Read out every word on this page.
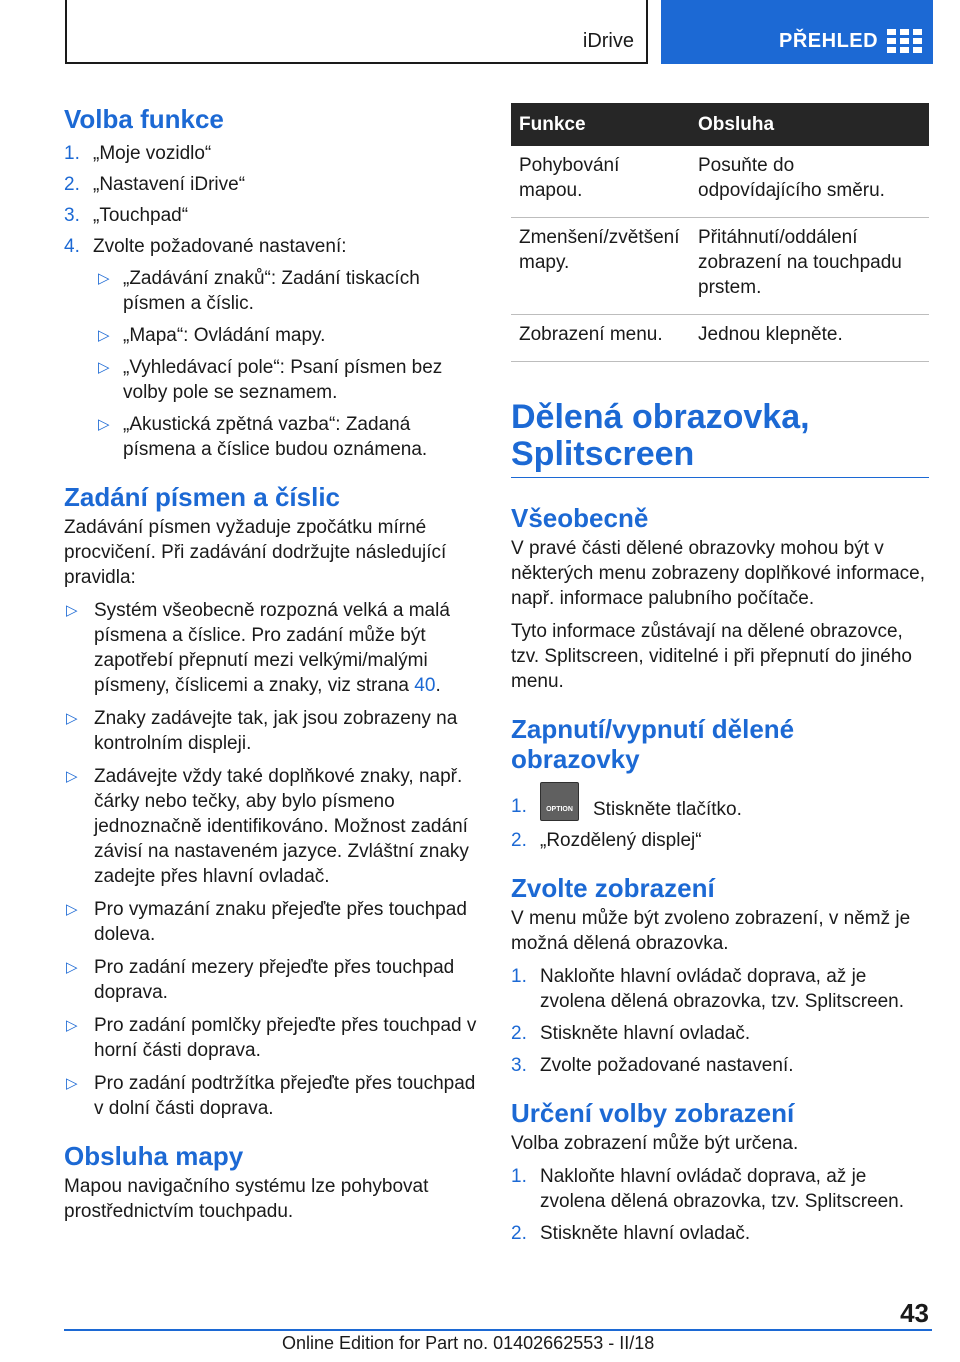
iDrive	PŘEHLED
Volba funkce
1. „Moje vozidlo“
2. „Nastavení iDrive“
3. „Touchpad“
4. Zvolte požadované nastavení:
▷ „Zadávání znaků“: Zadání tiskacích písmen a číslic.
▷ „Mapa“: Ovládání mapy.
▷ „Vyhledávací pole“: Psaní písmen bez volby pole se seznamem.
▷ „Akustická zpětná vazba“: Zadaná písmena a číslice budou oznámena.
Zadání písmen a číslic

Zadávání písmen vyžaduje zpočátku mírné procvičení. Při zadávání dodržujte následující pravidla:

▷ Systém všeobecně rozpozná velká a malá písmena a číslice. Pro zadání může být zapotřebí přepnutí mezi velkými/malými písmeny, číslicemi a znaky, viz strana 40.
▷ Znaky zadávejte tak, jak jsou zobrazeny na kontrolním displeji.
▷ Zadávejte vždy také doplňkové znaky, např. čárky nebo tečky, aby bylo písmeno jednoznačně identifikováno. Možnost zadání závisí na nastaveném jazyce. Zvláštní znaky zadejte přes hlavní ovladač.
▷ Pro vymazání znaku přejeďte přes touchpad doleva.
▷ Pro zadání mezery přejeďte přes touchpad doprava.
▷ Pro zadání pomlčky přejeďte přes touchpad v horní části doprava.
▷ Pro zadání podtržítka přejeďte přes touchpad v dolní části doprava.
Obsluha mapy

Mapou navigačního systému lze pohybovat prostřednictvím touchpadu.

Funkce	Obsluha
Pohybování mapou.	Posuňte do odpovídajícího směru.
Zmenšení/zvětšení mapy.	Přitáhnutí/oddálení zobrazení na touchpadu prstem.
Zobrazení menu.	Jednou klepněte.
Dělená obrazovka, Splitscreen
Všeobecně

V pravé části dělené obrazovky mohou být v některých menu zobrazeny doplňkové informace, např. informace palubního počítače.

Tyto informace zůstávají na dělené obrazovce, tzv. Splitscreen, viditelné i při přepnutí do jiného menu.

Zapnutí/vypnutí dělené obrazovky
1.	OPTION Stiskněte tlačítko.
2. „Rozdělený displej“
Zvolte zobrazení

V menu může být zvoleno zobrazení, v němž je možná dělená obrazovka.

1. Nakloňte hlavní ovládač doprava, až je zvolena dělená obrazovka, tzv. Splitscreen.
2. Stiskněte hlavní ovladač.
3. Zvolte požadované nastavení.
Určení volby zobrazení

Volba zobrazení může být určena.

1. Nakloňte hlavní ovládač doprava, až je zvolena dělená obrazovka, tzv. Splitscreen.
2. Stiskněte hlavní ovladač.
43
Online Edition for Part no. 01402662553 - II/18
